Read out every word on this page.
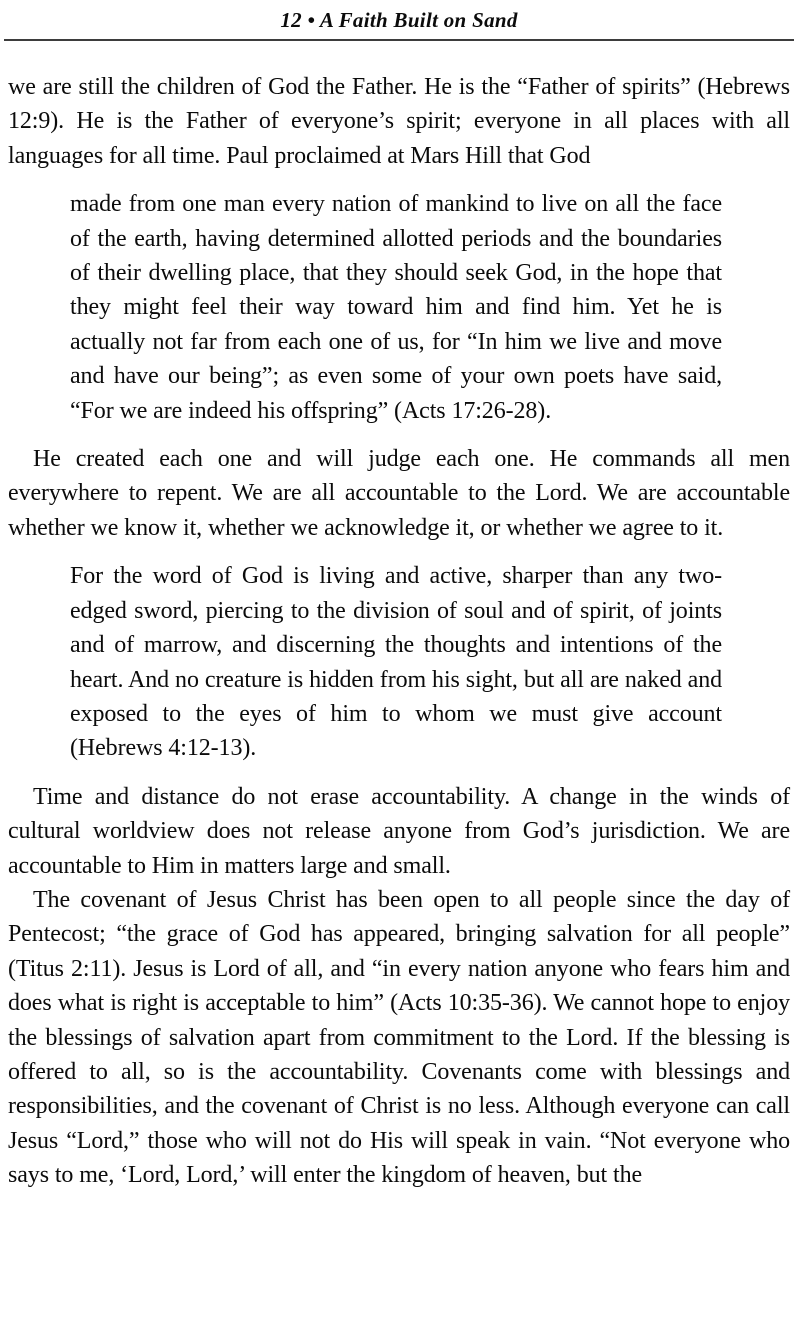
12 • A Faith Built on Sand

we are still the children of God the Father. He is the “Father of spirits” (Hebrews 12:9). He is the Father of everyone’s spirit; everyone in all places with all languages for all time. Paul proclaimed at Mars Hill that God

made from one man every nation of mankind to live on all the face of the earth, having determined allotted periods and the boundaries of their dwelling place, that they should seek God, in the hope that they might feel their way toward him and find him. Yet he is actually not far from each one of us, for “In him we live and move and have our being”; as even some of your own poets have said, “For we are indeed his offspring” (Acts 17:26-28).

He created each one and will judge each one. He commands all men everywhere to repent. We are all accountable to the Lord. We are accountable whether we know it, whether we acknowledge it, or whether we agree to it.

For the word of God is living and active, sharper than any two-edged sword, piercing to the division of soul and of spirit, of joints and of marrow, and discerning the thoughts and intentions of the heart. And no creature is hidden from his sight, but all are naked and exposed to the eyes of him to whom we must give account (Hebrews 4:12-13).

Time and distance do not erase accountability. A change in the winds of cultural worldview does not release anyone from God’s jurisdiction. We are accountable to Him in matters large and small.

The covenant of Jesus Christ has been open to all people since the day of Pentecost; “the grace of God has appeared, bringing salvation for all people” (Titus 2:11). Jesus is Lord of all, and “in every nation anyone who fears him and does what is right is acceptable to him” (Acts 10:35-36). We cannot hope to enjoy the blessings of salvation apart from commitment to the Lord. If the blessing is offered to all, so is the accountability. Covenants come with blessings and responsibilities, and the covenant of Christ is no less. Although everyone can call Jesus “Lord,” those who will not do His will speak in vain. “Not everyone who says to me, ‘Lord, Lord,’ will enter the kingdom of heaven, but the
